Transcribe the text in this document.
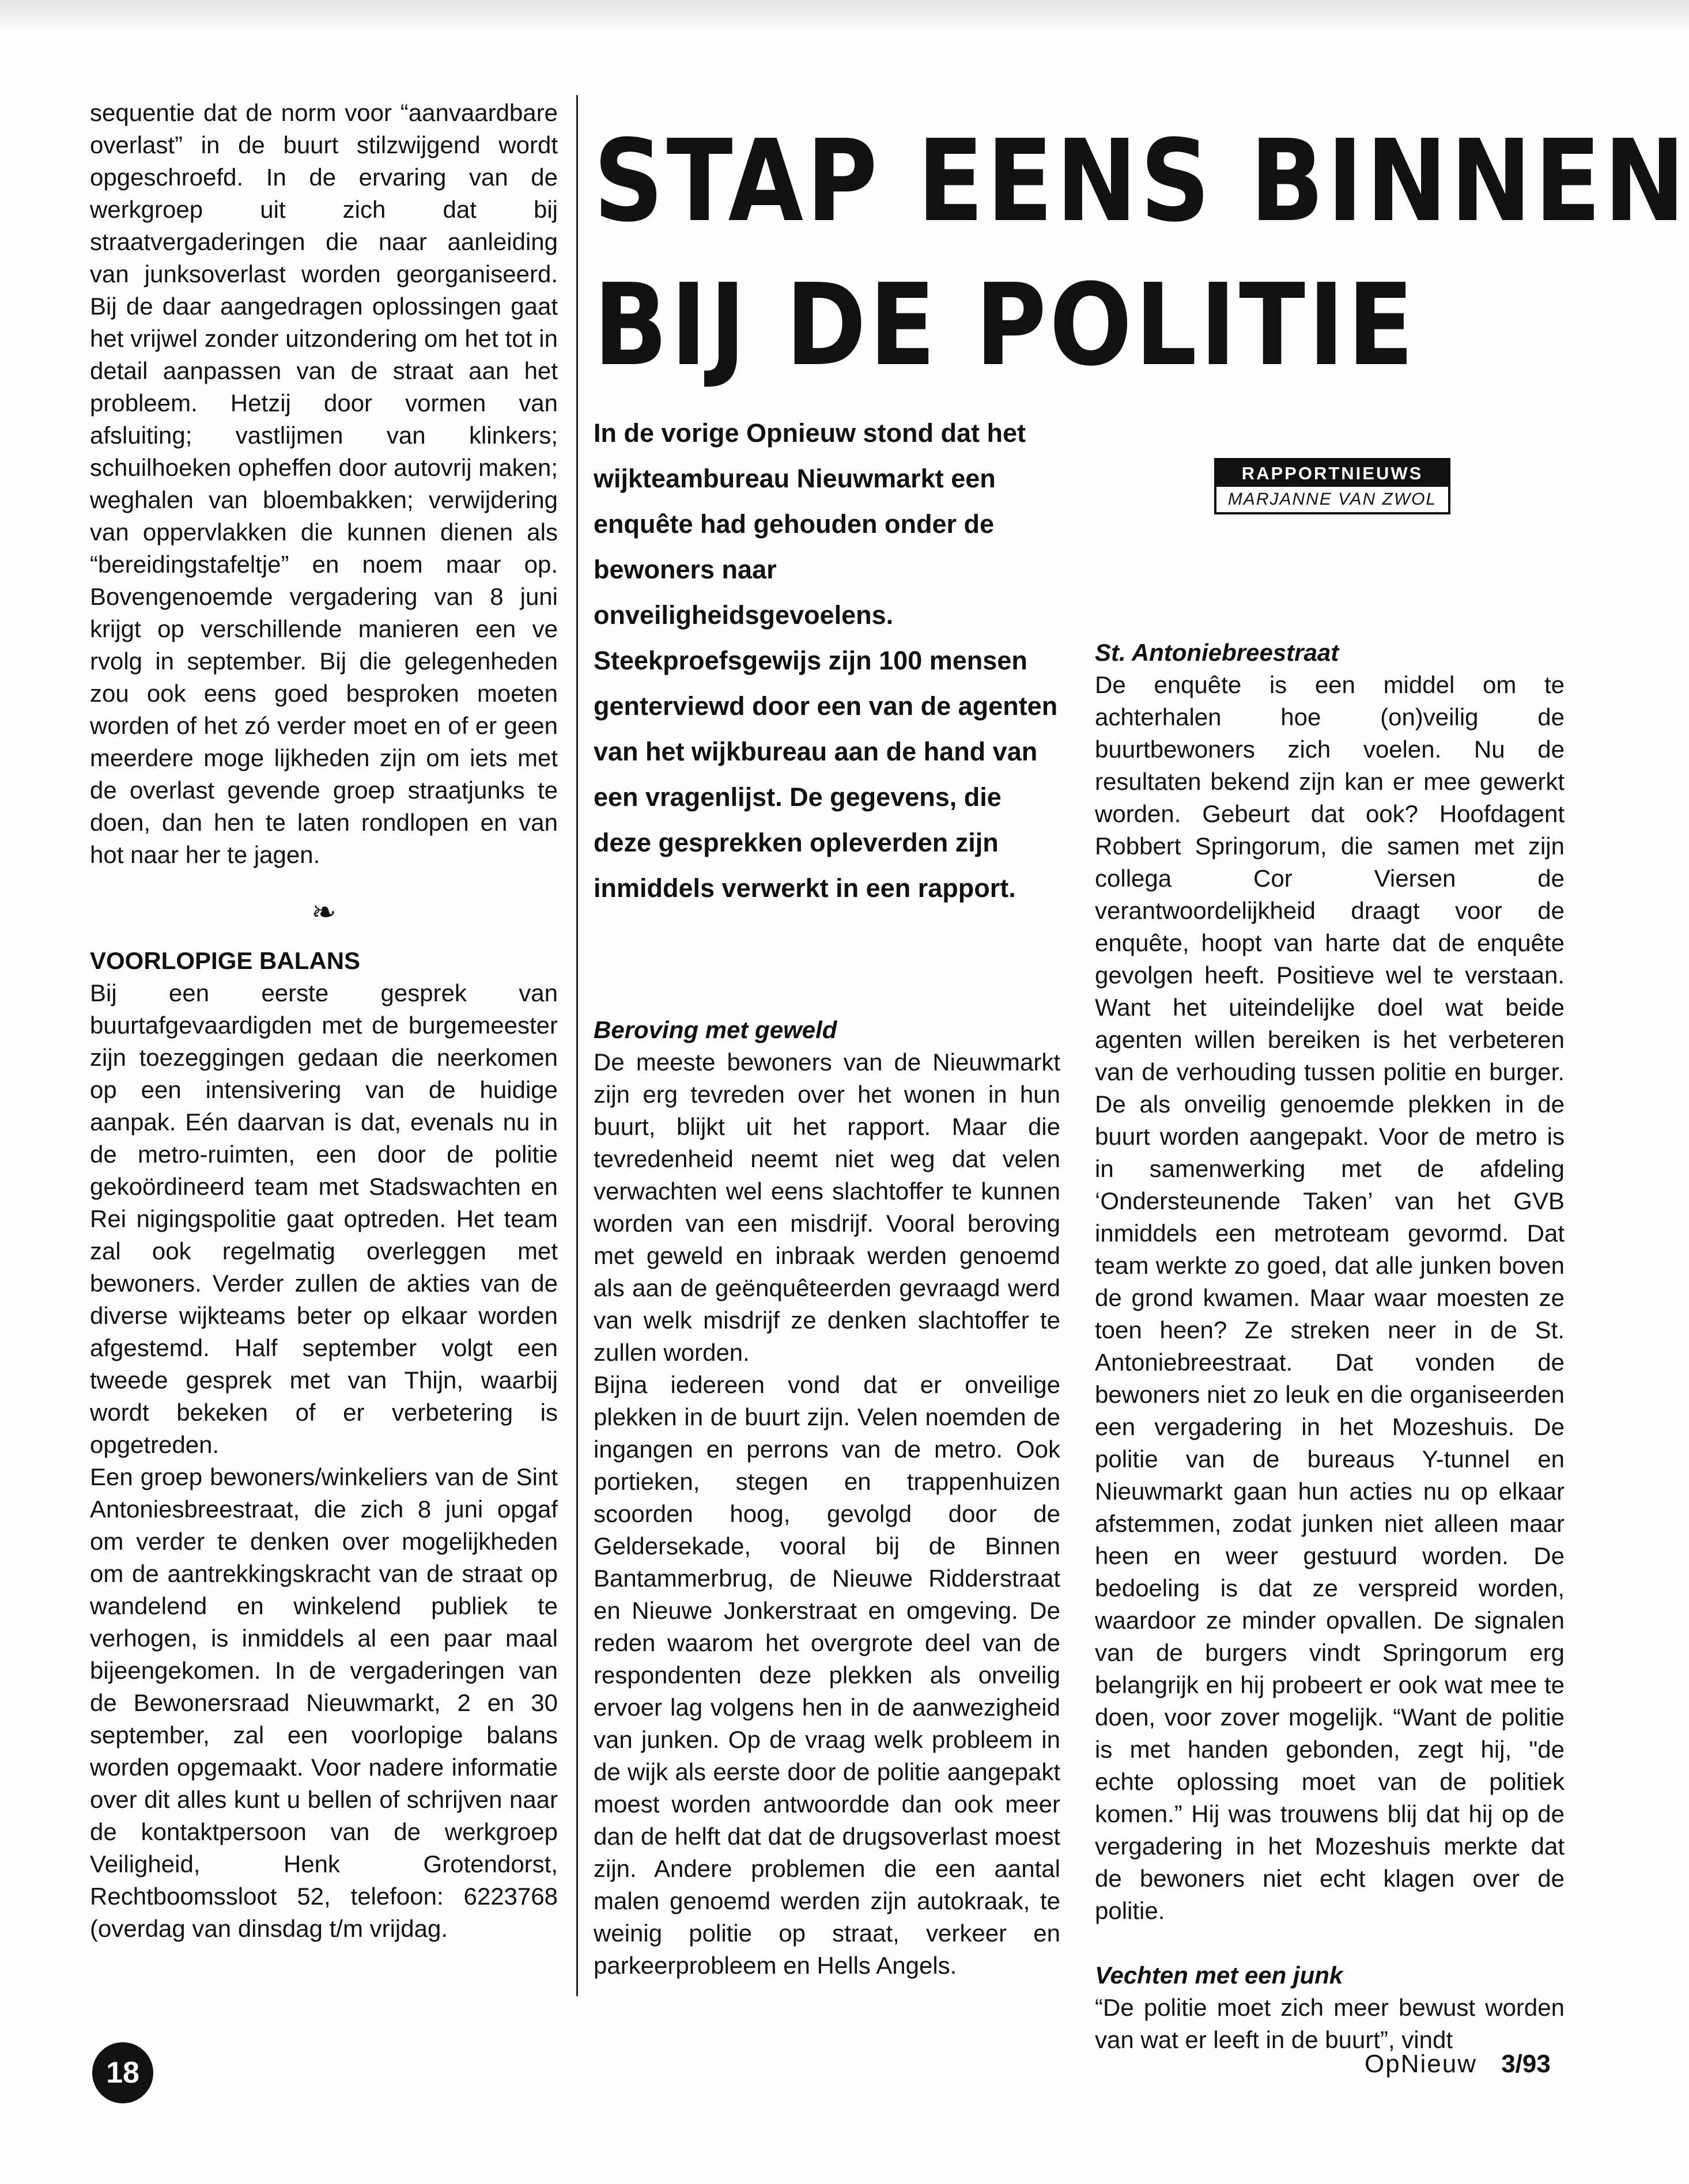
sequentie dat de norm voor “aanvaardbare overlast” in de buurt stilzwijgend wordt opgeschroefd. In de ervaring van de werkgroep uit zich dat bij straatvergaderingen die naar aanleiding van junksoverlast worden georganiseerd. Bij de daar aangedragen oplossingen gaat het vrijwel zonder uitzondering om het tot in detail aanpassen van de straat aan het probleem. Hetzij door vormen van afsluiting; vastlijmen van klinkers; schuilhoeken opheffen door autovrij maken; weghalen van bloembakken; verwijdering van oppervlakken die kunnen dienen als “bereidingstafeltje” en noem maar op. Bovengenoemde vergadering van 8 juni krijgt op verschillende manieren een ve rvolg in september. Bij die gelegenheden zou ook eens goed besproken moeten worden of het zó verder moet en of er geen meerdere moge lijkheden zijn om iets met de overlast gevende groep straatjunks te doen, dan hen te laten rondlopen en van hot naar her te jagen.

❧

VOORLOPIGE BALANS

Bij een eerste gesprek van buurtafgevaardigden met de burgemeester zijn toezeggingen gedaan die neerkomen op een intensivering van de huidige aanpak. Eén daarvan is dat, evenals nu in de metro-ruimten, een door de politie gekoördineerd team met Stadswachten en Rei nigingspolitie gaat optreden. Het team zal ook regelmatig overleggen met bewoners. Verder zullen de akties van de diverse wijkteams beter op elkaar worden afgestemd. Half september volgt een tweede gesprek met van Thijn, waarbij wordt bekeken of er verbetering is opgetreden.

Een groep bewoners/winkeliers van de Sint Antoniesbreestraat, die zich 8 juni opgaf om verder te denken over mogelijkheden om de aantrekkingskracht van de straat op wandelend en winkelend publiek te verhogen, is inmiddels al een paar maal bijeengekomen. In de vergaderingen van de Bewonersraad Nieuwmarkt, 2 en 30 september, zal een voorlopige balans worden opgemaakt. Voor nadere informatie over dit alles kunt u bellen of schrijven naar de kontaktpersoon van de werkgroep Veiligheid, Henk Grotendorst, Rechtboomssloot 52, telefoon: 6223768 (overdag van dinsdag t/m vrijdag.

STAP EENS BINNEN
BIJ DE POLITIE

In de vorige Opnieuw stond dat het wijkteambureau Nieuwmarkt een enquête had gehouden onder de bewoners naar onveiligheidsgevoelens. Steekproefsgewijs zijn 100 mensen genterviewd door een van de agenten van het wijkbureau aan de hand van een vragenlijst. De gegevens, die deze gesprekken opleverden zijn inmiddels verwerkt in een rapport.

RAPPORTNIEUWS
MARJANNE VAN ZWOL

Beroving met geweld

De meeste bewoners van de Nieuwmarkt zijn erg tevreden over het wonen in hun buurt, blijkt uit het rapport. Maar die tevredenheid neemt niet weg dat velen verwachten wel eens slachtoffer te kunnen worden van een misdrijf. Vooral beroving met geweld en inbraak werden genoemd als aan de geënquêteerden gevraagd werd van welk misdrijf ze denken slachtoffer te zullen worden.

Bijna iedereen vond dat er onveilige plekken in de buurt zijn. Velen noemden de ingangen en perrons van de metro. Ook portieken, stegen en trappenhuizen scoorden hoog, gevolgd door de Geldersekade, vooral bij de Binnen Bantammerbrug, de Nieuwe Ridderstraat en Nieuwe Jonkerstraat en omgeving. De reden waarom het overgrote deel van de respondenten deze plekken als onveilig ervoer lag volgens hen in de aanwezigheid van junken. Op de vraag welk probleem in de wijk als eerste door de politie aangepakt moest worden antwoordde dan ook meer dan de helft dat dat de drugsoverlast moest zijn. Andere problemen die een aantal malen genoemd werden zijn autokraak, te weinig politie op straat, verkeer en parkeerprobleem en Hells Angels.

St. Antoniebreestraat

De enquête is een middel om te achterhalen hoe (on)veilig de buurtbewoners zich voelen. Nu de resultaten bekend zijn kan er mee gewerkt worden. Gebeurt dat ook? Hoofdagent Robbert Springorum, die samen met zijn collega Cor Viersen de verantwoordelijkheid draagt voor de enquête, hoopt van harte dat de enquête gevolgen heeft. Positieve wel te verstaan. Want het uiteindelijke doel wat beide agenten willen bereiken is het verbeteren van de verhouding tussen politie en burger. De als onveilig genoemde plekken in de buurt worden aangepakt. Voor de metro is in samenwerking met de afdeling ‘Ondersteunende Taken’ van het GVB inmiddels een metroteam gevormd. Dat team werkte zo goed, dat alle junken boven de grond kwamen. Maar waar moesten ze toen heen? Ze streken neer in de St. Antoniebreestraat. Dat vonden de bewoners niet zo leuk en die organiseerden een vergadering in het Mozeshuis. De politie van de bureaus Y-tunnel en Nieuwmarkt gaan hun acties nu op elkaar afstemmen, zodat junken niet alleen maar heen en weer gestuurd worden. De bedoeling is dat ze verspreid worden, waardoor ze minder opvallen. De signalen van de burgers vindt Springorum erg belangrijk en hij probeert er ook wat mee te doen, voor zover mogelijk. “Want de politie is met handen gebonden, zegt hij, "de echte oplossing moet van de politiek komen.” Hij was trouwens blij dat hij op de vergadering in het Mozeshuis merkte dat de bewoners niet echt klagen over de politie.

Vechten met een junk

“De politie moet zich meer bewust worden van wat er leeft in de buurt”, vindt

18	OpNieuw 3/93
